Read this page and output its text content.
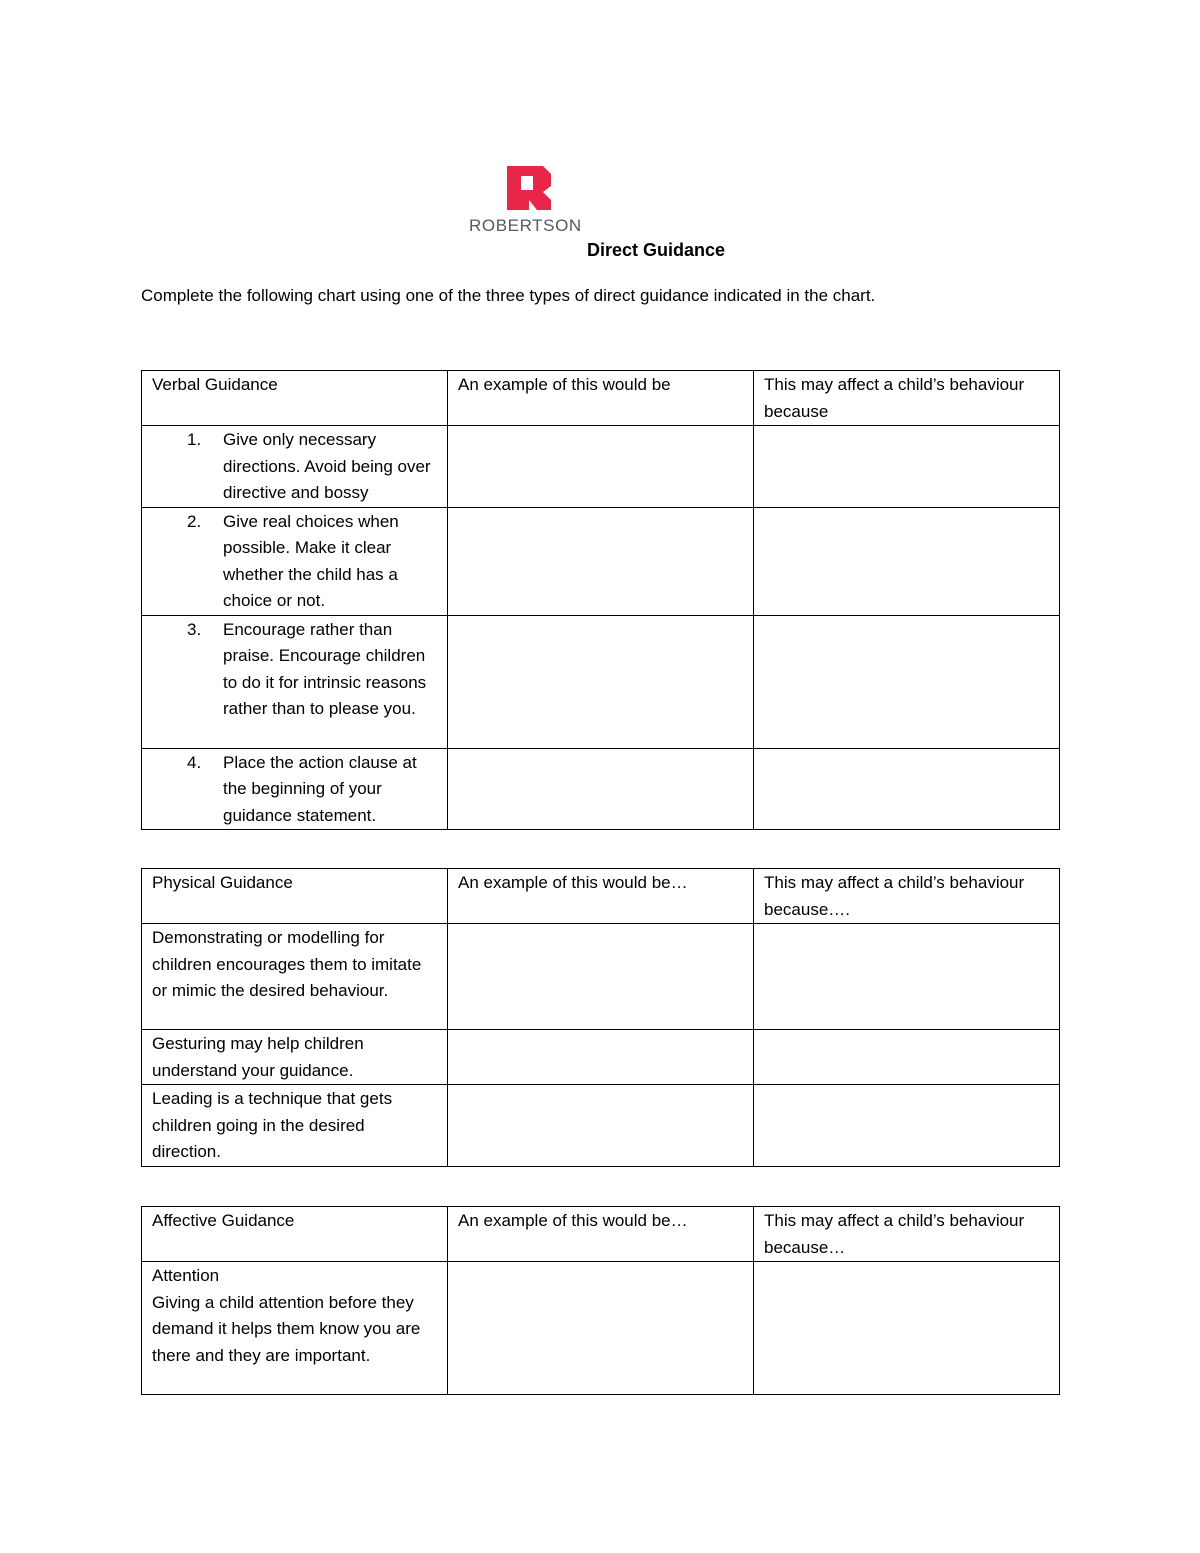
ROBERTSON
Direct Guidance

Complete the following chart using one of the three types of direct guidance indicated in the chart.

Verbal Guidance	An example of this would be	This may affect a child’s behaviour because

1. Give only necessary directions. Avoid being over directive and bossy		

2. Give real choices when possible. Make it clear whether the child has a choice or not.		

3. Encourage rather than praise. Encourage children to do it for intrinsic reasons rather than to please you.		

4. Place the action clause at the beginning of your guidance statement.		

Physical Guidance	An example of this would be…	This may affect a child’s behaviour because….
Demonstrating or modelling for children encourages them to imitate or mimic the desired behaviour.		
Gesturing may help children understand your guidance.		
Leading is a technique that gets children going in the desired direction.		
Affective Guidance	An example of this would be…	This may affect a child’s behaviour because…

Attention
Giving a child attention before they demand it helps them know you are there and they are important.		
